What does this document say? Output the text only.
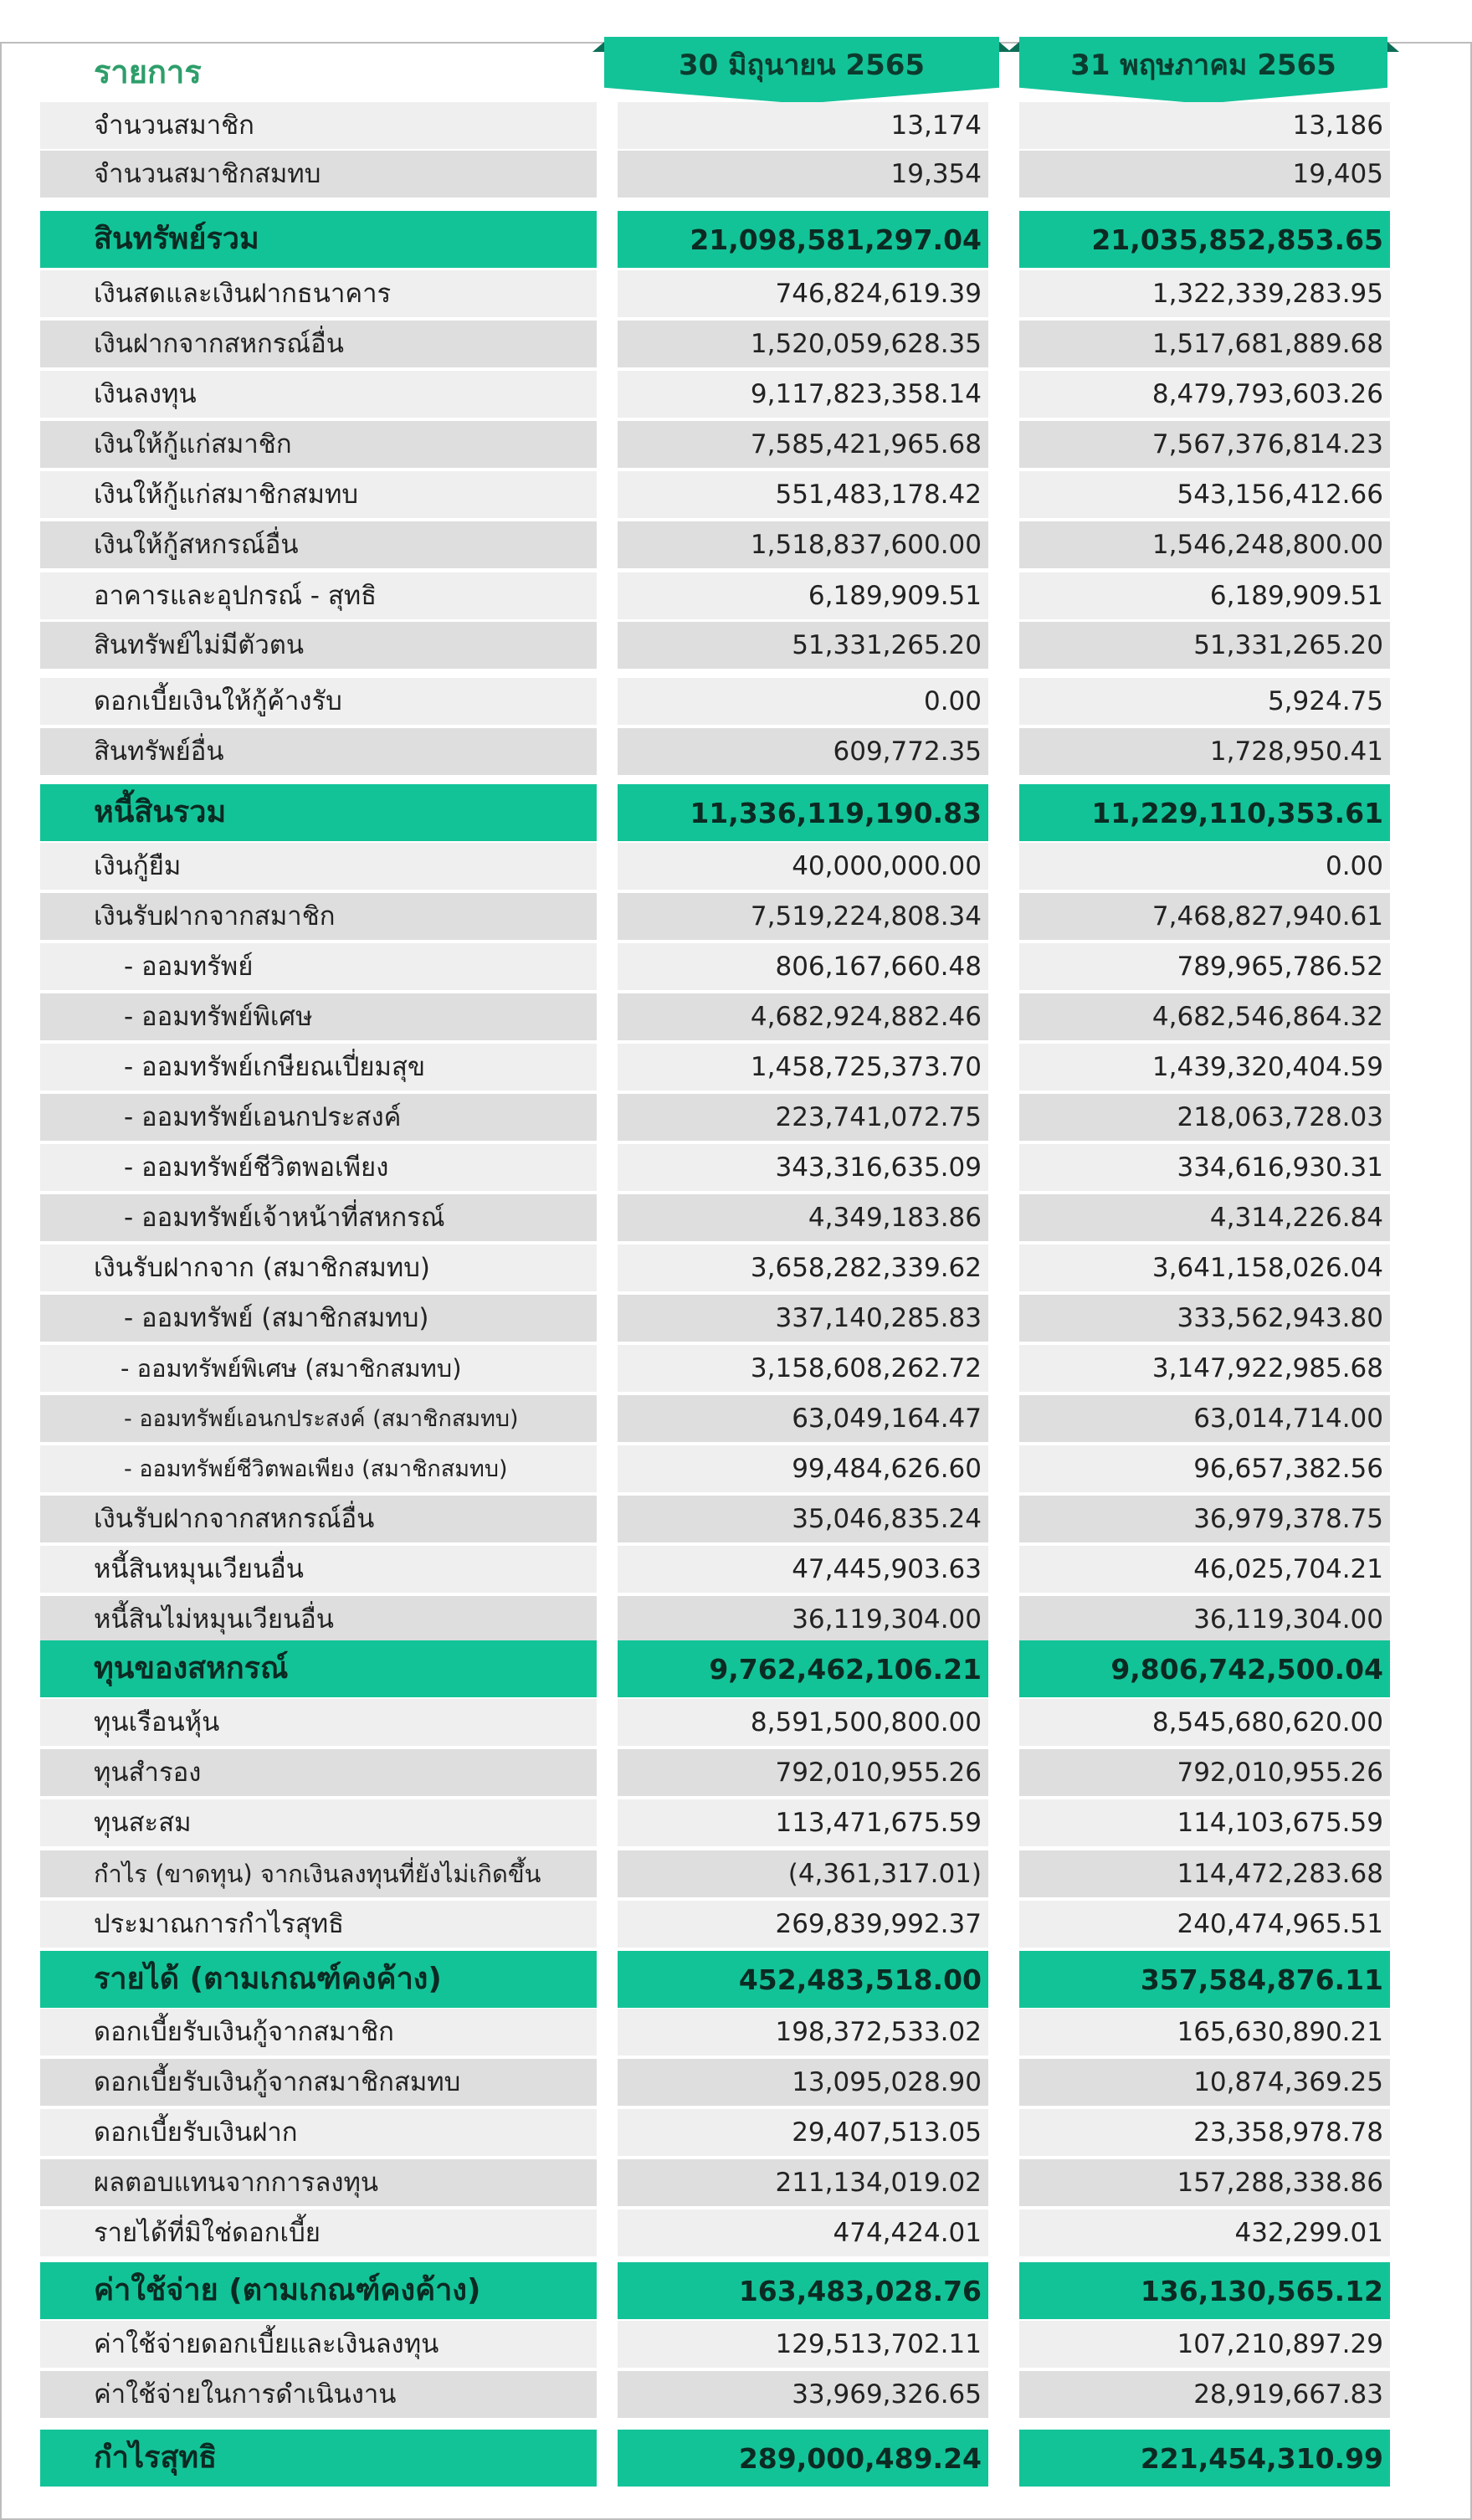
รายการ	30 มิถุนายน 2565	31 พฤษภาคม 2565
จำนวนสมาชิก	13,174	13,186
จำนวนสมาชิกสมทบ	19,354	19,405
สินทรัพย์รวม	21,098,581,297.04	21,035,852,853.65
เงินสดและเงินฝากธนาคาร	746,824,619.39	1,322,339,283.95
เงินฝากจากสหกรณ์อื่น	1,520,059,628.35	1,517,681,889.68
เงินลงทุน	9,117,823,358.14	8,479,793,603.26
เงินให้กู้แก่สมาชิก	7,585,421,965.68	7,567,376,814.23
เงินให้กู้แก่สมาชิกสมทบ	551,483,178.42	543,156,412.66
เงินให้กู้สหกรณ์อื่น	1,518,837,600.00	1,546,248,800.00
อาคารและอุปกรณ์ - สุทธิ	6,189,909.51	6,189,909.51
สินทรัพย์ไม่มีตัวตน	51,331,265.20	51,331,265.20
ดอกเบี้ยเงินให้กู้ค้างรับ	0.00	5,924.75
สินทรัพย์อื่น	609,772.35	1,728,950.41
หนี้สินรวม	11,336,119,190.83	11,229,110,353.61
เงินกู้ยืม	40,000,000.00	0.00
เงินรับฝากจากสมาชิก	7,519,224,808.34	7,468,827,940.61
- ออมทรัพย์	806,167,660.48	789,965,786.52
- ออมทรัพย์พิเศษ	4,682,924,882.46	4,682,546,864.32
- ออมทรัพย์เกษียณเปี่ยมสุข	1,458,725,373.70	1,439,320,404.59
- ออมทรัพย์เอนกประสงค์	223,741,072.75	218,063,728.03
- ออมทรัพย์ชีวิตพอเพียง	343,316,635.09	334,616,930.31
- ออมทรัพย์เจ้าหน้าที่สหกรณ์	4,349,183.86	4,314,226.84
เงินรับฝากจาก (สมาชิกสมทบ)	3,658,282,339.62	3,641,158,026.04
- ออมทรัพย์ (สมาชิกสมทบ)	337,140,285.83	333,562,943.80
- ออมทรัพย์พิเศษ (สมาชิกสมทบ)	3,158,608,262.72	3,147,922,985.68
- ออมทรัพย์เอนกประสงค์ (สมาชิกสมทบ)	63,049,164.47	63,014,714.00
- ออมทรัพย์ชีวิตพอเพียง (สมาชิกสมทบ)	99,484,626.60	96,657,382.56
เงินรับฝากจากสหกรณ์อื่น	35,046,835.24	36,979,378.75
หนี้สินหมุนเวียนอื่น	47,445,903.63	46,025,704.21
หนี้สินไม่หมุนเวียนอื่น	36,119,304.00	36,119,304.00
ทุนของสหกรณ์	9,762,462,106.21	9,806,742,500.04
ทุนเรือนหุ้น	8,591,500,800.00	8,545,680,620.00
ทุนสำรอง	792,010,955.26	792,010,955.26
ทุนสะสม	113,471,675.59	114,103,675.59
กำไร (ขาดทุน) จากเงินลงทุนที่ยังไม่เกิดขึ้น	(4,361,317.01)	114,472,283.68
ประมาณการกำไรสุทธิ	269,839,992.37	240,474,965.51
รายได้ (ตามเกณฑ์คงค้าง)	452,483,518.00	357,584,876.11
ดอกเบี้ยรับเงินกู้จากสมาชิก	198,372,533.02	165,630,890.21
ดอกเบี้ยรับเงินกู้จากสมาชิกสมทบ	13,095,028.90	10,874,369.25
ดอกเบี้ยรับเงินฝาก	29,407,513.05	23,358,978.78
ผลตอบแทนจากการลงทุน	211,134,019.02	157,288,338.86
รายได้ที่มิใช่ดอกเบี้ย	474,424.01	432,299.01
ค่าใช้จ่าย (ตามเกณฑ์คงค้าง)	163,483,028.76	136,130,565.12
ค่าใช้จ่ายดอกเบี้ยและเงินลงทุน	129,513,702.11	107,210,897.29
ค่าใช้จ่ายในการดำเนินงาน	33,969,326.65	28,919,667.83
กำไรสุทธิ	289,000,489.24	221,454,310.99
